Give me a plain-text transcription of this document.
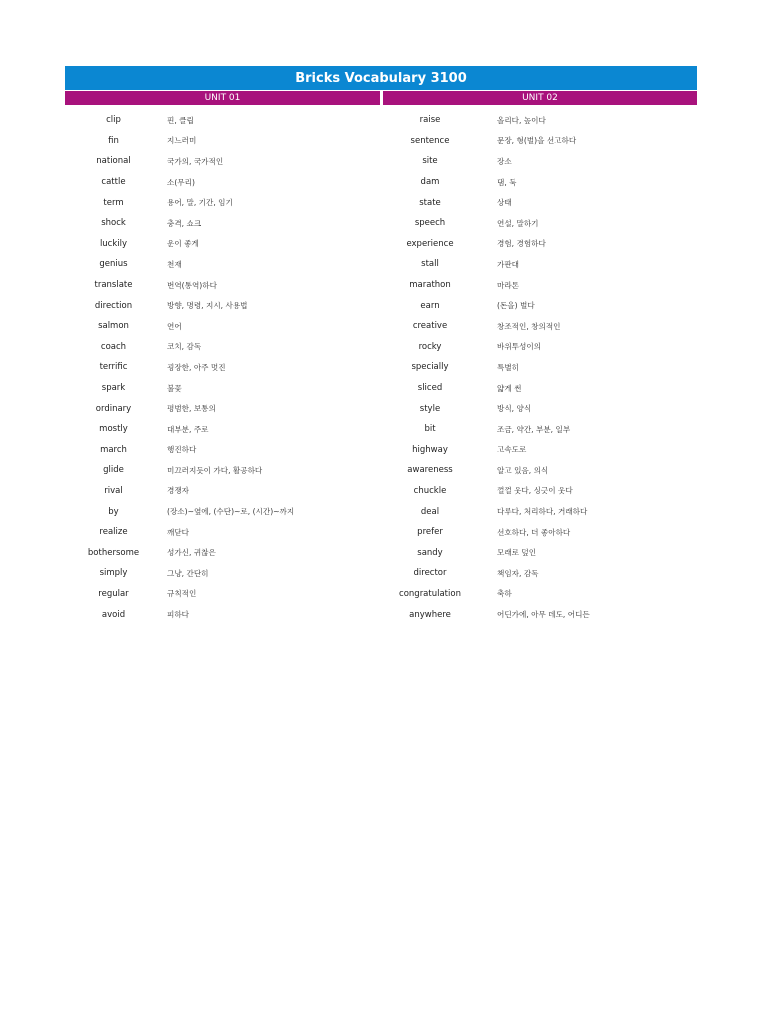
Bricks Vocabulary 3100
UNIT 01	UNIT 02
clip	핀, 클립
fin	지느러미
national	국가의, 국가적인
cattle	소(무리)
term	용어, 말, 기간, 임기
shock	충격, 쇼크
luckily	운이 좋게
genius	천재
translate	번역(통역)하다
direction	방향, 명령, 지시, 사용법
salmon	연어
coach	코치, 감독
terrific	굉장한, 아주 멋진
spark	불꽃
ordinary	평범한, 보통의
mostly	대부분, 주로
march	행진하다
glide	미끄러지듯이 가다, 활공하다
rival	경쟁자
by	(장소)~옆에, (수단)~로, (시간)~까지
realize	깨닫다
bothersome	성가신, 귀찮은
simply	그냥, 간단히
regular	규칙적인
avoid	피하다
raise	올리다, 높이다
sentence	문장, 형(벌)을 선고하다
site	장소
dam	댐, 둑
state	상태
speech	연설, 말하기
experience	경험, 경험하다
stall	가판대
marathon	마라톤
earn	(돈을) 벌다
creative	창조적인, 창의적인
rocky	바위투성이의
specially	특별히
sliced	얇게 썬
style	방식, 양식
bit	조금, 약간, 부분, 일부
highway	고속도로
awareness	알고 있음, 의식
chuckle	껄껄 웃다, 싱긋이 웃다
deal	다루다, 처리하다, 거래하다
prefer	선호하다, 더 좋아하다
sandy	모래로 덮인
director	책임자, 감독
congratulation	축하
anywhere	어딘가에, 아무 데도, 어디든
